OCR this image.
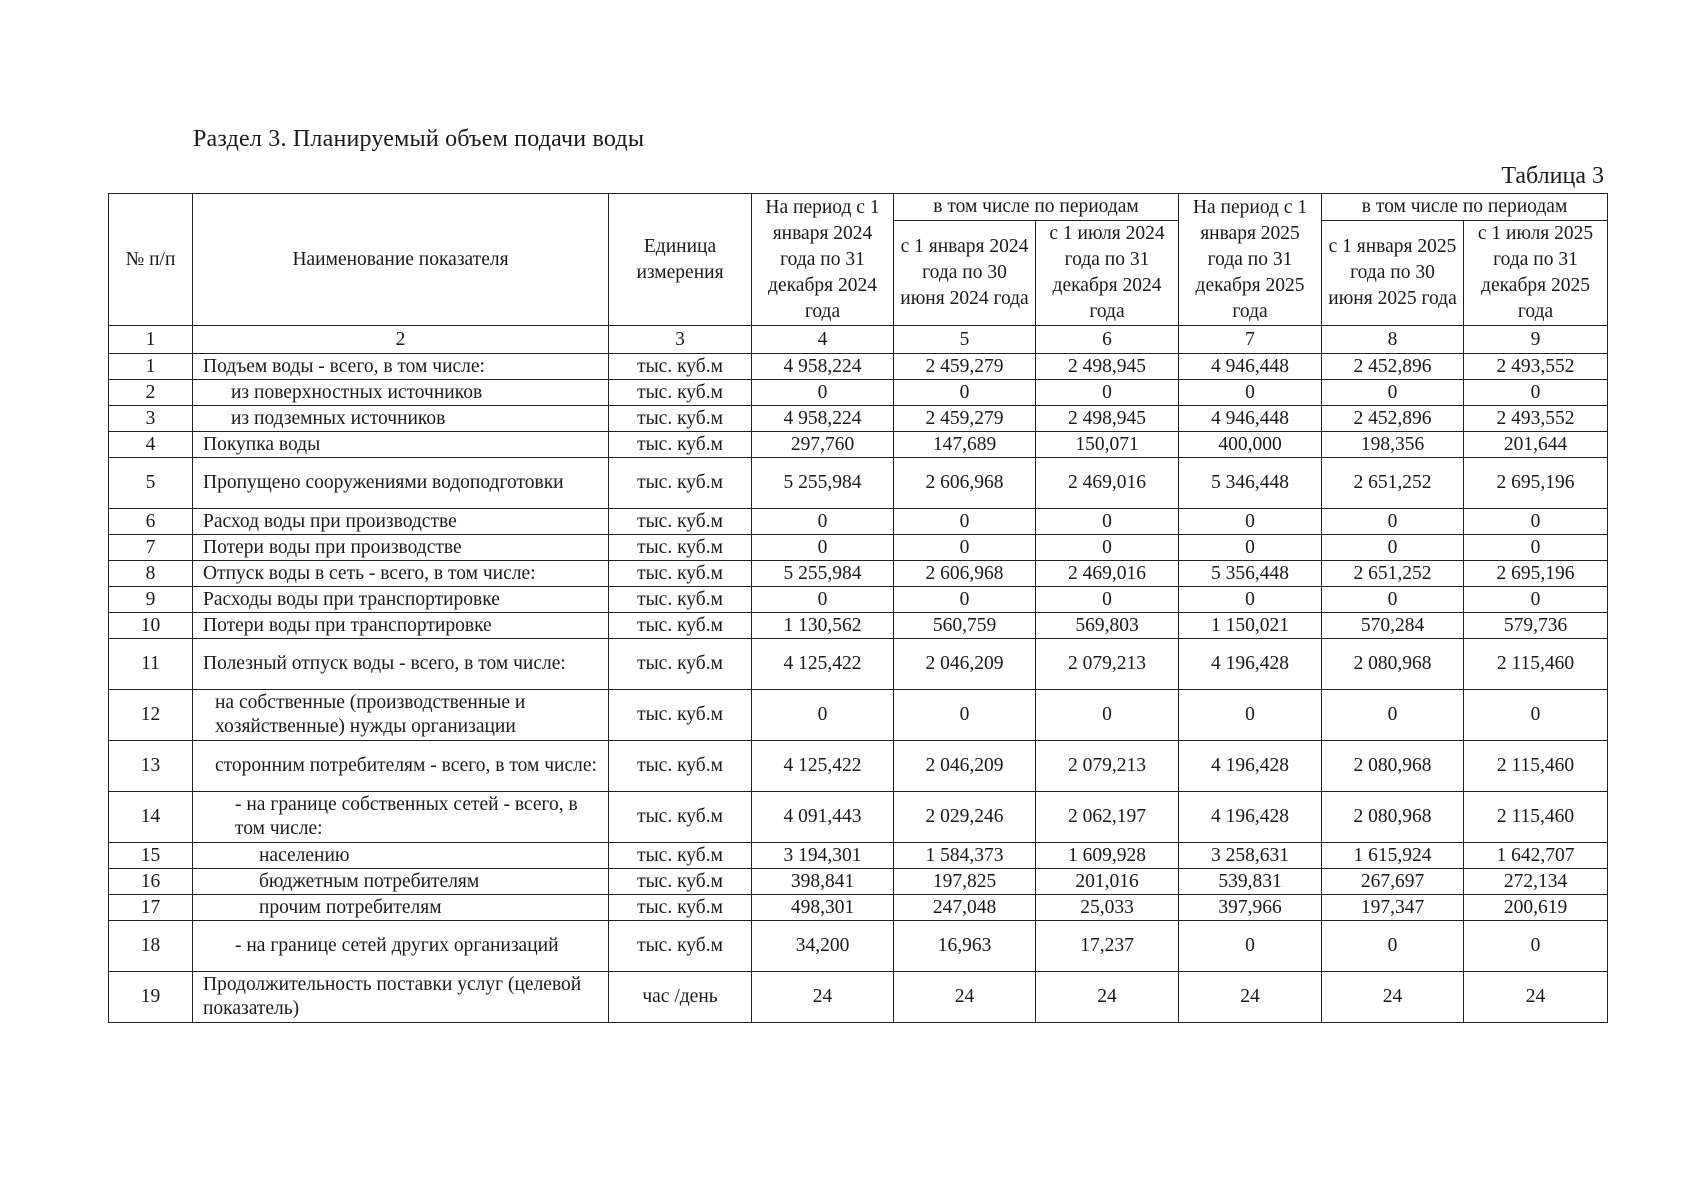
Раздел 3. Планируемый объем подачи воды
Таблица 3
№ п/п	Наименование показателя	Единица измерения	На период с 1 января 2024 года по 31 декабря 2024 года	в том числе по периодам		На период с 1 января 2025 года по 31 декабря 2025 года	в том числе по периодам	
				с 1 января 2024 года по 30 июня 2024 года	с 1 июля 2024 года по 31 декабря 2024 года		с 1 января 2025 года по 30 июня 2025 года	с 1 июля 2025 года по 31 декабря 2025 года
1	2	3	4	5	6	7	8	9
1	Подъем воды - всего, в том числе:	тыс. куб.м	4 958,224	2 459,279	2 498,945	4 946,448	2 452,896	2 493,552
2	из поверхностных источников	тыс. куб.м	0	0	0	0	0	0
3	из подземных источников	тыс. куб.м	4 958,224	2 459,279	2 498,945	4 946,448	2 452,896	2 493,552
4	Покупка воды	тыс. куб.м	297,760	147,689	150,071	400,000	198,356	201,644
5	Пропущено сооружениями водоподготовки	тыс. куб.м	5 255,984	2 606,968	2 469,016	5 346,448	2 651,252	2 695,196
6	Расход воды при производстве	тыс. куб.м	0	0	0	0	0	0
7	Потери воды при производстве	тыс. куб.м	0	0	0	0	0	0
8	Отпуск воды в сеть - всего, в том числе:	тыс. куб.м	5 255,984	2 606,968	2 469,016	5 356,448	2 651,252	2 695,196
9	Расходы воды при транспортировке	тыс. куб.м	0	0	0	0	0	0
10	Потери воды при транспортировке	тыс. куб.м	1 130,562	560,759	569,803	1 150,021	570,284	579,736
11	Полезный отпуск воды - всего, в том числе:	тыс. куб.м	4 125,422	2 046,209	2 079,213	4 196,428	2 080,968	2 115,460
12	на собственные (производственные и хозяйственные) нужды организации	тыс. куб.м	0	0	0	0	0	0
13	сторонним потребителям - всего, в том числе:	тыс. куб.м	4 125,422	2 046,209	2 079,213	4 196,428	2 080,968	2 115,460
14	- на границе собственных сетей - всего, в том числе:	тыс. куб.м	4 091,443	2 029,246	2 062,197	4 196,428	2 080,968	2 115,460
15	населению	тыс. куб.м	3 194,301	1 584,373	1 609,928	3 258,631	1 615,924	1 642,707
16	бюджетным потребителям	тыс. куб.м	398,841	197,825	201,016	539,831	267,697	272,134
17	прочим потребителям	тыс. куб.м	498,301	247,048	25,033	397,966	197,347	200,619
18	- на границе сетей других организаций	тыс. куб.м	34,200	16,963	17,237	0	0	0
19	Продолжительность поставки услуг (целевой показатель)	час /день	24	24	24	24	24	24
